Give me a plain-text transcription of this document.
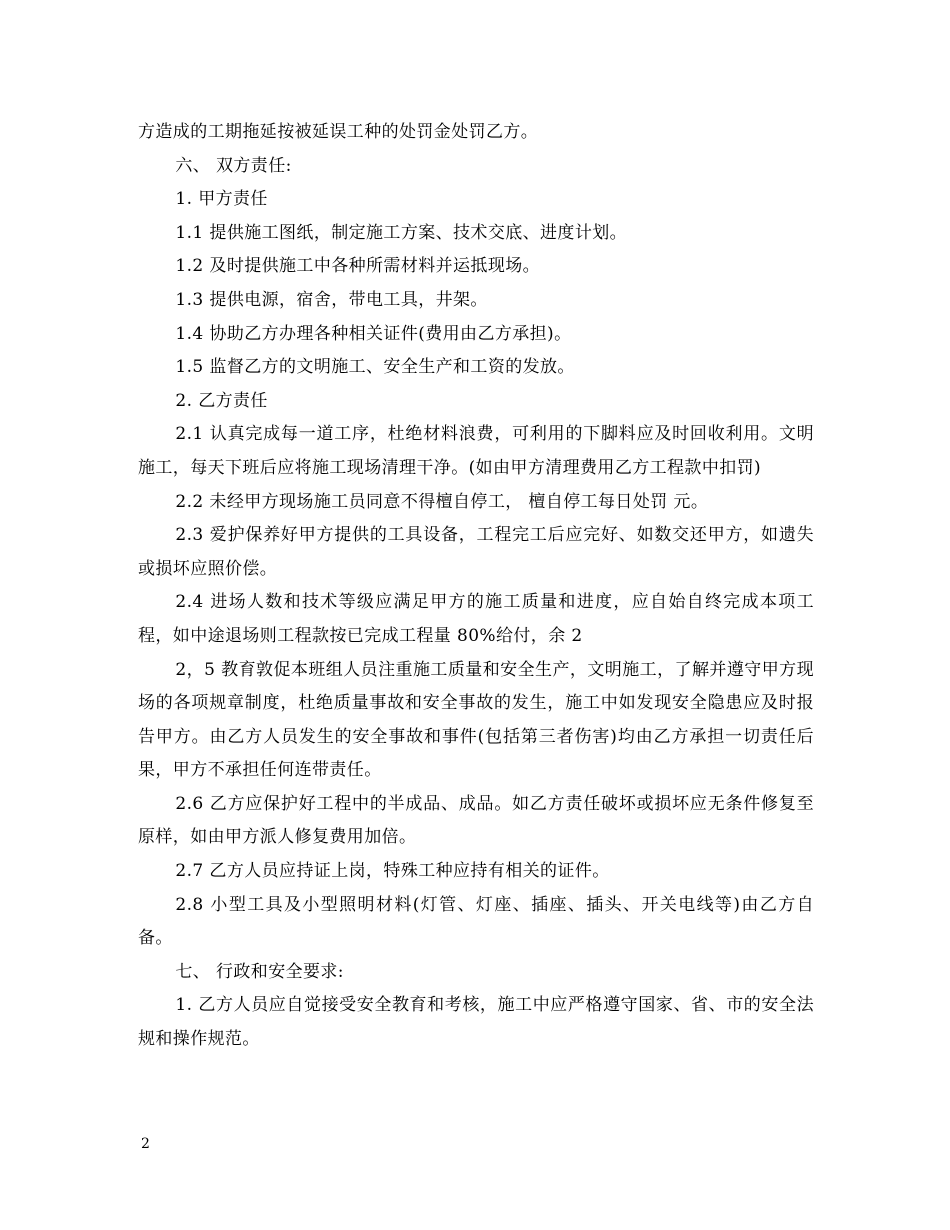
方造成的工期拖延按被延误工种的处罚金处罚乙方。

六、 双方责任:

1. 甲方责任

1.1 提供施工图纸，制定施工方案、技术交底、进度计划。

1.2 及时提供施工中各种所需材料并运抵现场。

1.3 提供电源，宿舍，带电工具，井架。

1.4 协助乙方办理各种相关证件(费用由乙方承担)。

1.5 监督乙方的文明施工、安全生产和工资的发放。

2. 乙方责任

2.1 认真完成每一道工序，杜绝材料浪费，可利用的下脚料应及时回收利用。文明施工，每天下班后应将施工现场清理干净。(如由甲方清理费用乙方工程款中扣罚)

2.2 未经甲方现场施工员同意不得檀自停工， 檀自停工每日处罚 元。

2.3 爱护保养好甲方提供的工具设备，工程完工后应完好、如数交还甲方，如遗失或损坏应照价偿。

2.4 进场人数和技术等级应满足甲方的施工质量和进度，应自始自终完成本项工程，如中途退场则工程款按已完成工程量 80%给付，余 2

2，5 教育敦促本班组人员注重施工质量和安全生产，文明施工，了解并遵守甲方现场的各项规章制度，杜绝质量事故和安全事故的发生，施工中如发现安全隐患应及时报告甲方。由乙方人员发生的安全事故和事件(包括第三者伤害)均由乙方承担一切责任后果，甲方不承担任何连带责任。

2.6 乙方应保护好工程中的半成品、成品。如乙方责任破坏或损坏应无条件修复至原样，如由甲方派人修复费用加倍。

2.7 乙方人员应持证上岗，特殊工种应持有相关的证件。

2.8 小型工具及小型照明材料(灯管、灯座、插座、插头、开关电线等)由乙方自备。

七、 行政和安全要求:

1. 乙方人员应自觉接受安全教育和考核，施工中应严格遵守国家、省、市的安全法规和操作规范。

2
